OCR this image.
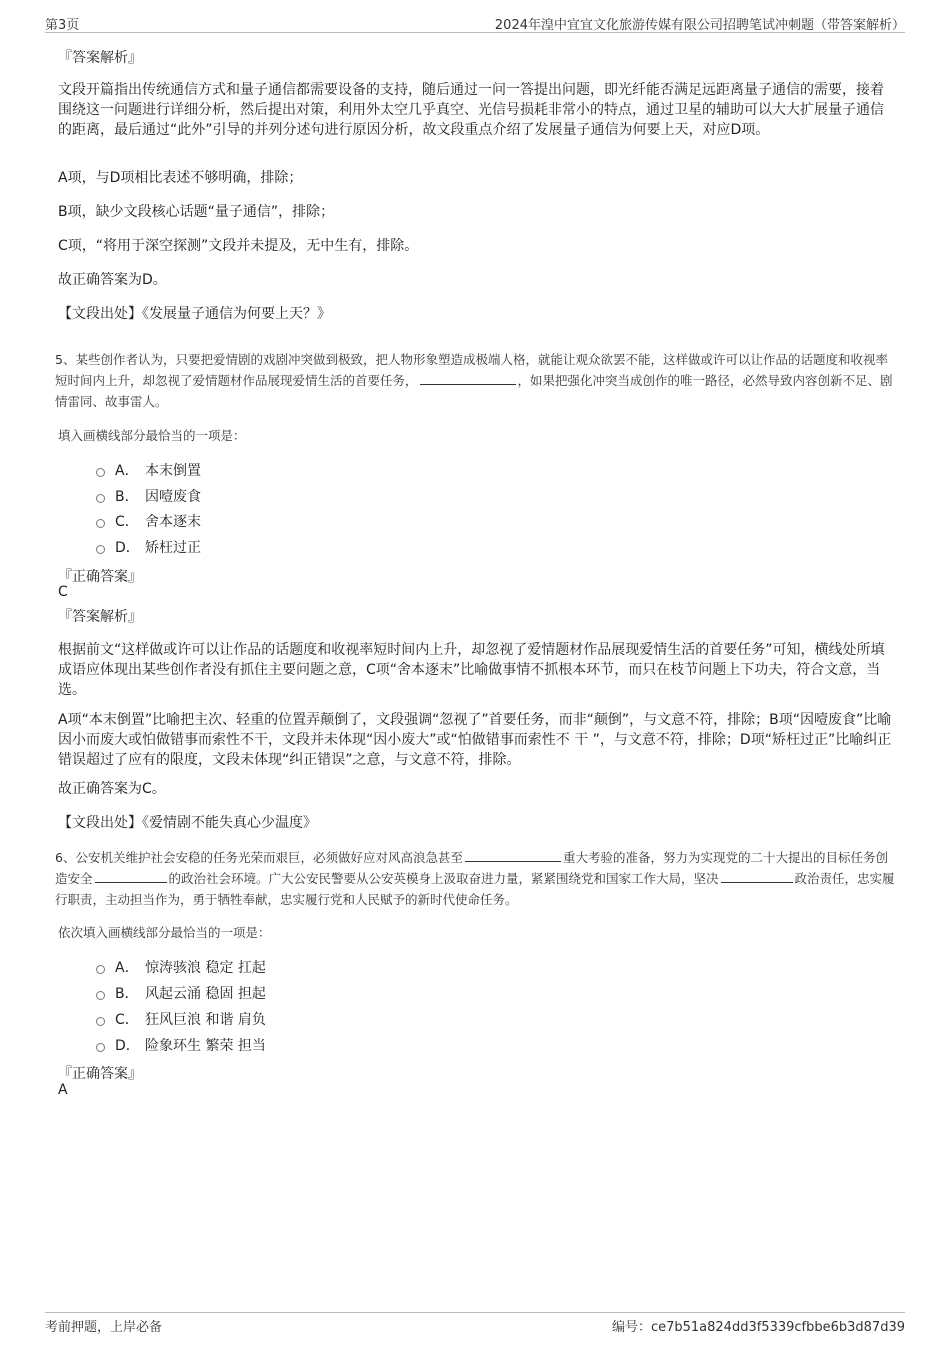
第3页	2024年湟中宜宜文化旅游传媒有限公司招聘笔试冲刺题（带答案解析）
『答案解析』

文段开篇指出传统通信方式和量子通信都需要设备的支持，随后通过一问一答提出问题，即光纤能否满足远距离量子通信的需要，接着围绕这一问题进行详细分析，然后提出对策，利用外太空几乎真空、光信号损耗非常小的特点，通过卫星的辅助可以大大扩展量子通信的距离，最后通过“此外”引导的并列分述句进行原因分析，故文段重点介绍了发展量子通信为何要上天，对应D项。

A项，与D项相比表述不够明确，排除；

B项，缺少文段核心话题“量子通信”，排除；

C项，“将用于深空探测”文段并未提及，无中生有，排除。

故正确答案为D。

【文段出处】《发展量子通信为何要上天？》

5、某些创作者认为，只要把爱情剧的戏剧冲突做到极致，把人物形象塑造成极端人格，就能让观众欲罢不能，这样做或许可以让作品的话题度和收视率短时间内上升，却忽视了爱情题材作品展现爱情生活的首要任务，	，如果把强化冲突当成创作的唯一路径，必然导致内容创新不足、剧情雷同、故事雷人。

填入画横线部分最恰当的一项是：
A． 本末倒置
B． 因噎废食
C． 舍本逐末
D． 矫枉过正
『正确答案』
C
『答案解析』

根据前文“这样做或许可以让作品的话题度和收视率短时间内上升，却忽视了爱情题材作品展现爱情生活的首要任务”可知，横线处所填成语应体现出某些创作者没有抓住主要问题之意，C项“舍本逐末”比喻做事情不抓根本环节，而只在枝节问题上下功夫，符合文意，当选。

A项“本末倒置”比喻把主次、轻重的位置弄颠倒了，文段强调“忽视了”首要任务，而非“颠倒”，与文意不符，排除；B项“因噎废食”比喻因小而废大或怕做错事而索性不干，文段并未体现“因小废大”或“怕做错事而索性不 干 ”，与文意不符，排除；D项“矫枉过正”比喻纠正错误超过了应有的限度，文段未体现“纠正错误”之意，与文意不符，排除。

故正确答案为C。

【文段出处】《爱情剧不能失真心少温度》

6、公安机关维护社会安稳的任务光荣而艰巨，必须做好应对风高浪急甚至	重大考验的准备，努力为实现党的二十大提出的目标任务创造安全	的政治社会环境。广大公安民警要从公安英模身上汲取奋进力量，紧紧围绕党和国家工作大局，坚决	政治责任，忠实履行职责，主动担当作为，勇于牺牲奉献，忠实履行党和人民赋予的新时代使命任务。

依次填入画横线部分最恰当的一项是：
A． 惊涛骇浪 稳定 扛起
B． 风起云涌 稳固 担起
C． 狂风巨浪 和谐 肩负
D． 险象环生 繁荣 担当
『正确答案』
A
考前押题，上岸必备	编号：ce7b51a824dd3f5339cfbbe6b3d87d39
